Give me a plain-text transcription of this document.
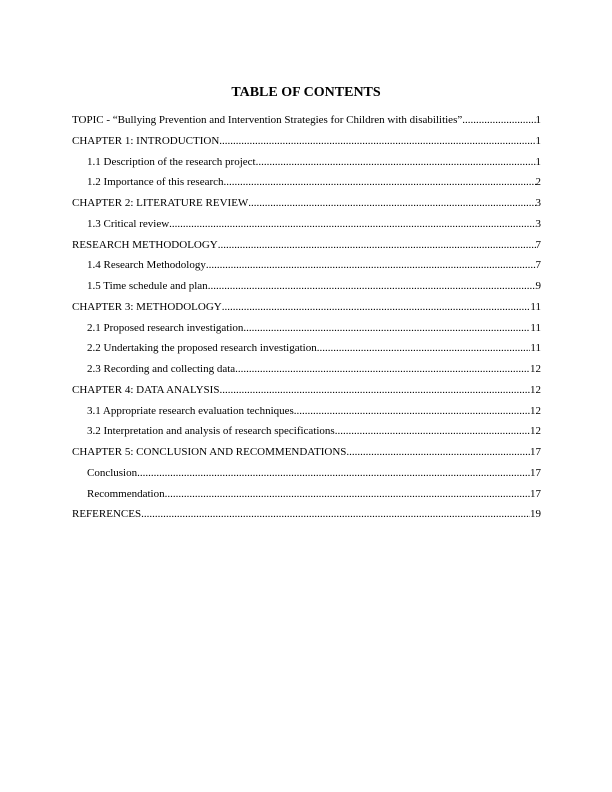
TABLE OF CONTENTS
TOPIC - “Bullying Prevention and Intervention Strategies for Children with disabilities” .....	1
CHAPTER 1: INTRODUCTION .....	1
1.1 Description of the research project .....	1
1.2 Importance of this research .....	2
CHAPTER 2: LITERATURE REVIEW .....	3
1.3 Critical review .....	3
RESEARCH METHODOLOGY .....	7
1.4 Research Methodology .....	7
1.5 Time schedule and plan .....	9
CHAPTER 3: METHODOLOGY .....	11
2.1 Proposed research investigation .....	11
2.2 Undertaking the proposed research investigation .....	11
2.3 Recording and collecting data .....	12
CHAPTER 4: DATA ANALYSIS .....	12
3.1 Appropriate research evaluation techniques .....	12
3.2 Interpretation and analysis of research specifications .....	12
CHAPTER 5: CONCLUSION AND RECOMMENDATIONS .....	17
Conclusion .....	17
Recommendation .....	17
REFERENCES .....	19
